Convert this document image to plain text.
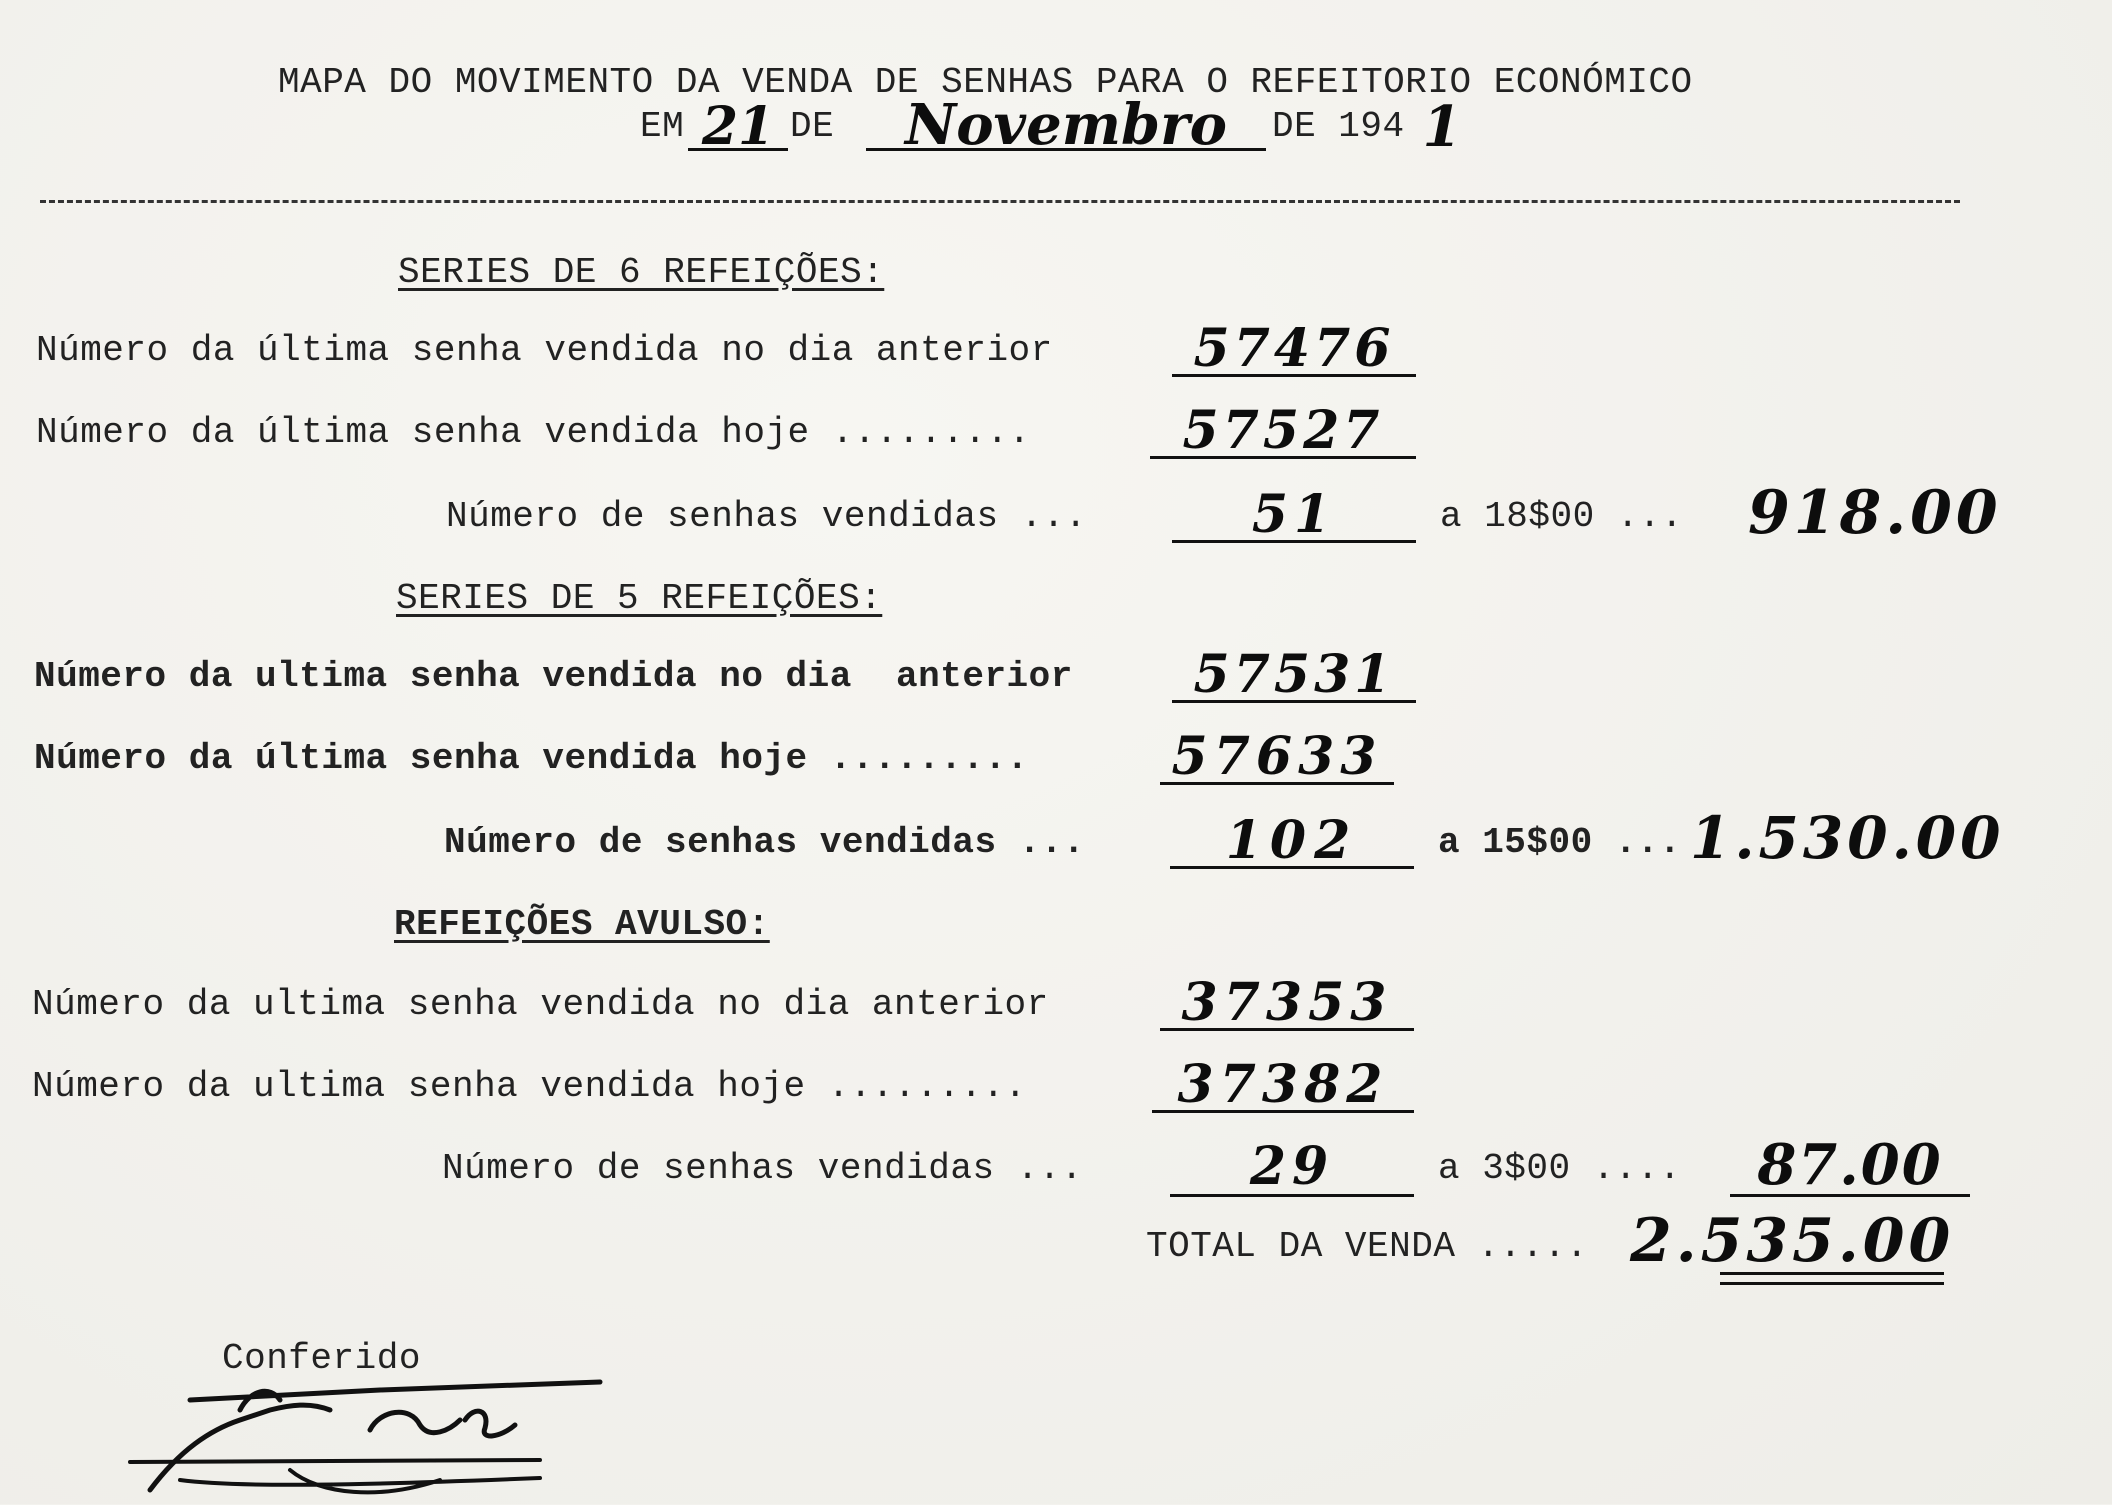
MAPA DO MOVIMENTO DA VENDA DE SENHAS PARA O REFEITORIO ECONÓMICO
EM 21 DE	Novembro	DE 194 1
SERIES DE 6 REFEIÇÕES:
Número da última senha vendida no dia anterior	57476
Número da última senha vendida hoje .........	57527
Número de senhas vendidas ...	51	a 18$00 ... 918.00
SERIES DE 5 REFEIÇÕES:
Número da ultima senha vendida no dia  anterior	57531
Número da última senha vendida hoje .........	57633
Número de senhas vendidas ...	102	a 15$00 ... 1.530.00
REFEIÇÕES AVULSO:
Número da ultima senha vendida no dia anterior	37353
Número da ultima senha vendida hoje .........	37382
Número de senhas vendidas ...	29	a 3$00 ....	87.00
TOTAL DA VENDA ..... 2.535.00
Conferido
